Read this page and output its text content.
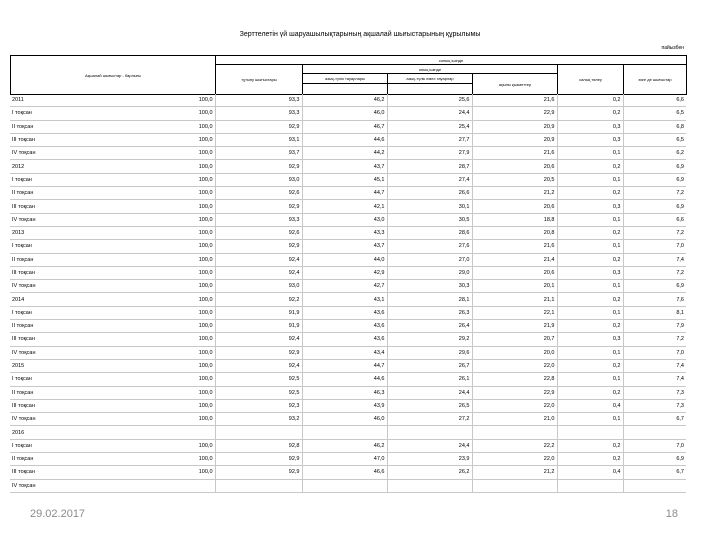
Зерттелетін үй шаруашылықтарының ақшалай шығыстарының құрылымы
пайызбен
Ақшалай шығыстар - барлығы	соның ішінде					
	тұтыну шығыстары	оның ішінде			салық төлеу	өзге де шығыстар
		азық-түлік тауарлары	азық-түлік емес тауарлар	ақылы қызметтер		

2011	100,0	93,3	46,2	25,6	21,6	0,2	6,6
I тоқсан	100,0	93,3	46,0	24,4	22,9	0,2	6,5
II тоқсан	100,0	92,9	46,7	25,4	20,9	0,3	6,8
III тоқсан	100,0	93,1	44,6	27,7	20,9	0,3	6,5
IV тоқсан	100,0	93,7	44,2	27,9	21,6	0,1	6,2
2012	100,0	92,9	43,7	28,7	20,6	0,2	6,9
I тоқсан	100,0	93,0	45,1	27,4	20,5	0,1	6,9
II тоқсан	100,0	92,6	44,7	26,6	21,2	0,2	7,2
III тоқсан	100,0	92,9	42,1	30,1	20,6	0,3	6,9
IV тоқсан	100,0	93,3	43,0	30,5	18,8	0,1	6,6
2013	100,0	92,6	43,3	28,6	20,8	0,2	7,2
I тоқсан	100,0	92,9	43,7	27,6	21,6	0,1	7,0
II тоқсан	100,0	92,4	44,0	27,0	21,4	0,2	7,4
III тоқсан	100,0	92,4	42,9	29,0	20,6	0,3	7,2
IV тоқсан	100,0	93,0	42,7	30,3	20,1	0,1	6,9
2014	100,0	92,2	43,1	28,1	21,1	0,2	7,6
I тоқсан	100,0	91,9	43,6	26,3	22,1	0,1	8,1
II тоқсан	100,0	91,9	43,6	26,4	21,9	0,2	7,9
III тоқсан	100,0	92,4	43,6	29,2	20,7	0,3	7,2
IV тоқсан	100,0	92,9	43,4	29,6	20,0	0,1	7,0
2015	100,0	92,4	44,7	26,7	22,0	0,2	7,4
I тоқсан	100,0	92,5	44,6	26,1	22,8	0,1	7,4
II тоқсан	100,0	92,5	46,3	24,4	22,9	0,2	7,3
III тоқсан	100,0	92,3	43,9	26,5	22,0	0,4	7,3
IV тоқсан	100,0	93,2	46,0	27,2	21,0	0,1	6,7
2016							
I тоқсан	100,0	92,8	46,2	24,4	22,2	0,2	7,0
II тоқсан	100,0	92,9	47,0	23,9	22,0	0,2	6,9
III тоқсан	100,0	92,9	46,6	26,2	21,2	0,4	6,7
IV тоқсан							
29.02.2017	18
